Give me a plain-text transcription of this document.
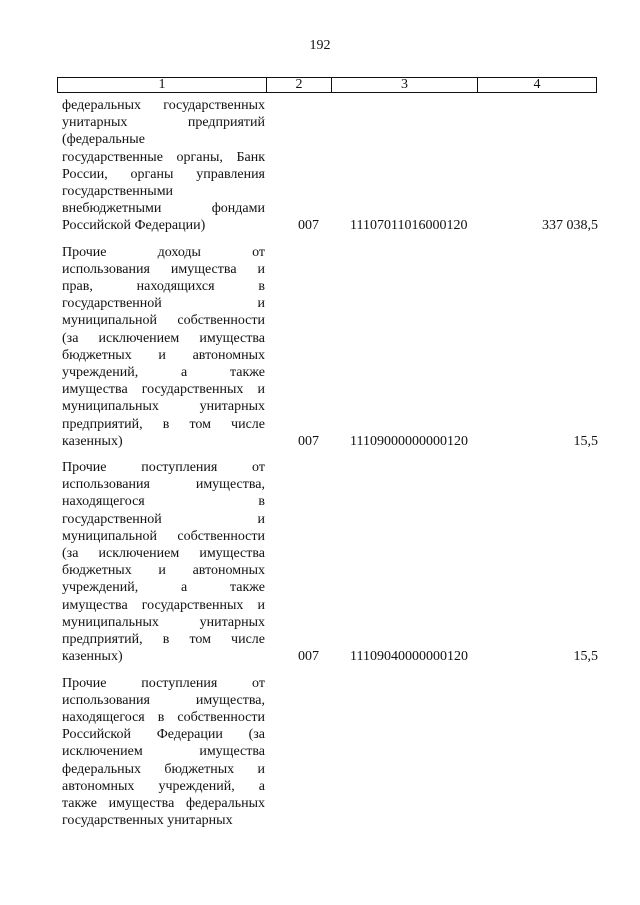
192
1	2	3	4
федеральных государственных
унитарных предприятий
(федеральные
государственные органы, Банк
России, органы управления
государственными
внебюджетными фондами
Российской Федерации)	007	11107011016000120	337 038,5
Прочие доходы от
использования имущества и
прав, находящихся в
государственной и
муниципальной собственности
(за исключением имущества
бюджетных и автономных
учреждений, а также
имущества государственных и
муниципальных унитарных
предприятий, в том числе
казенных)	007	11109000000000120	15,5
Прочие поступления от
использования имущества,
находящегося в
государственной и
муниципальной собственности
(за исключением имущества
бюджетных и автономных
учреждений, а также
имущества государственных и
муниципальных унитарных
предприятий, в том числе
казенных)	007	11109040000000120	15,5
Прочие поступления от
использования имущества,
находящегося в собственности
Российской Федерации (за
исключением имущества
федеральных бюджетных и
автономных учреждений, а
также имущества федеральных
государственных унитарных
